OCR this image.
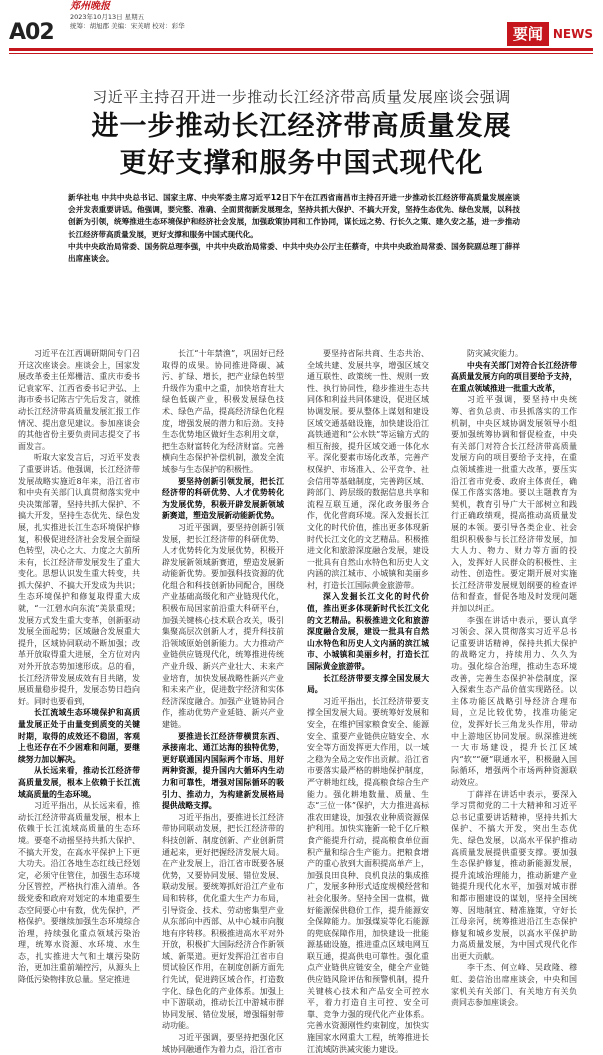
A02
郑州晚报
2023年10月13日 星期五
统筹：胡旭郡 美编：宋芙晴 校对：彩华	要闻 NEWS
习近平主持召开进一步推动长江经济带高质量发展座谈会强调
进一步推动长江经济带高质量发展
更好支撑和服务中国式现代化

新华社电 中共中央总书记、国家主席、中央军委主席习近平12日下午在江西省南昌市主持召开进一步推动长江经济带高质量发展座谈会并发表重要讲话。他强调，要完整、准确、全面贯彻新发展理念，坚持共抓大保护、不搞大开发，坚持生态优先、绿色发展，以科技创新为引领，统筹推进生态环境保护和经济社会发展，加强政策协同和工作协同，谋长远之势、行长久之策、建久安之基，进一步推动长江经济带高质量发展，更好支撑和服务中国式现代化。

中共中央政治局常委、国务院总理李强，中共中央政治局常委、中共中央办公厅主任蔡奇，中共中央政治局常委、国务院副总理丁薛祥出席座谈会。

习近平在江西调研期间专门召开这次座谈会。座谈会上，国家发展改革委主任郑栅洁、重庆市委书记袁家军、江西省委书记尹弘、上海市委书记陈吉宁先后发言，就推动长江经济带高质量发展汇报工作情况、提出意见建议。参加座谈会的其他省份主要负责同志提交了书面发言。

听取大家发言后，习近平发表了重要讲话。他强调，长江经济带发展战略实施近8年来，沿江省市和中央有关部门认真贯彻落实党中央决策部署，坚持共抓大保护、不搞大开发，坚持生态优先、绿色发展，扎实推进长江生态环境保护修复，积极促进经济社会发展全面绿色转型，决心之大、力度之大前所未有，长江经济带发展发生了重大变化。思想认识发生重大转变，共抓大保护、不搞大开发成为共识；生态环境保护和修复取得重大成就，“一江碧水向东流”美景重现；发展方式发生重大变革，创新驱动发展全面起势；区域融合发展重大提升，区域协同联动不断加强；改革开放取得重大进展，全方位对内对外开放态势加速形成。总的看，长江经济带发展成效有目共睹，发展质量稳步提升，发展态势日趋向好。同时也要看到，

长江流域生态环境保护和高质量发展正处于由量变到质变的关键时期，取得的成效还不稳固，客观上也还存在不少困难和问题，要继续努力加以解决。

从长远来看，推动长江经济带高质量发展，根本上依赖于长江流域高质量的生态环境。

习近平指出，从长远来看，推动长江经济带高质量发展，根本上依赖于长江流域高质量的生态环境。要毫不动摇坚持共抓大保护、不搞大开发，在高水平保护上下更大功夫。沿江各地生态红线已经划定，必须守住管住，加强生态环境分区管控，严格执行准入清单。各级党委和政府对划定的本地重要生态空间要心中有数，优先保护，严格保护。要继续加强生态环境综合治理，持续强化重点领域污染治理，统筹水资源、水环境、水生态，扎实推进大气和土壤污染防治，更加注重前端控污，从源头上降低污染物排放总量。坚定推进

长江“十年禁渔”，巩固好已经取得的成果。协同推进降碳、减污、扩绿、增长，把产业绿色转型升级作为重中之重，加快培育壮大绿色低碳产业，积极发展绿色技术、绿色产品，提高经济绿色化程度，增强发展的潜力和后劲。支持生态优势地区做好生态利用文章，把生态财富转化为经济财富。完善横向生态保护补偿机制，激发全流域参与生态保护的积极性。

要坚持创新引领发展，把长江经济带的科研优势、人才优势转化为发展优势，积极开辟发展新领域新赛道，塑造发展新动能新优势。

习近平强调，要坚持创新引领发展，把长江经济带的科研优势、人才优势转化为发展优势，积极开辟发展新领域新赛道，塑造发展新动能新优势。要加强科技资源的优化组合和科技创新协同配合，围绕产业基础高级化和产业链现代化，积极布局国家前沿重大科研平台，加强关键核心技术联合攻关，吸引集聚高层次创新人才，提升科技前沿领域原始创新能力。大力推动产业链供应链现代化，统筹推进传统产业升级、新兴产业壮大、未来产业培育，加快发展战略性新兴产业和未来产业，促进数字经济和实体经济深度融合。加强产业链协同合作，推动优势产业延链、新兴产业建链。

要推进长江经济带横贯东西、承接南北、通江达海的独特优势，更好联通国内国际两个市场、用好两种资源，提升国内大循环内生动力和可靠性，增强对国际循环的吸引力、推动力，为构建新发展格局提供战略支撑。

习近平指出，要推进长江经济带协同联动发展，把长江经济带的科技创新、制度创新、产业创新贯通起来，更好把握经济发展大局。在产业发展上，沿江省市既要各展优势，又要协同发展、错位发展、联动发展。要统筹抓好沿江产业布局和转移，优化重大生产力布局，引导资金、技术、劳动密集型产业从东部向中西部、从中心城市向腹地有序转移。积极推进高水平对外开放，积极扩大国际经济合作新领域、新渠道。更好发挥沿江省市自贸试验区作用，在制度创新方面先行先试，促进跨区域合作，打造数字化、绿色化的产业体系。加强上中下游联动，推动长江中游城市群协同发展、错位发展，增强辐射带动功能。

习近平强调，要坚持把强化区域协同融通作为着力点，沿江省市

要坚持省际共商、生态共治、全域共建、发展共享，增强区域交通互联性、政策统一性、规则一致性、执行协同性，稳步推进生态共同体和利益共同体建设，促进区域协调发展。要从整体上谋划和建设区域交通基础设施，加快建设沿江高铁通道和“公水铁”等运输方式的相互衔接，提升区域交通一体化水平。深化要素市场化改革，完善产权保护、市场准入、公平竞争、社会信用等基础制度，完善跨区域、跨部门、跨层级的数据信息共享和流程互联互通，深化政务服务合作，优化营商环境。深入发掘长江文化的时代价值，推出更多体现新时代长江文化的文艺精品。积极推进文化和旅游深度融合发展，建设一批具有自然山水特色和历史人文内涵的滨江城市、小城镇和美丽乡村，打造长江国际黄金旅游带。

深入发掘长江文化的时代价值，推出更多体现新时代长江文化的文艺精品。积极推进文化和旅游深度融合发展，建设一批具有自然山水特色和历史人文内涵的滨江城市、小城镇和美丽乡村，打造长江国际黄金旅游带。

长江经济带要支撑全国发展大局。

习近平指出，长江经济带要支撑全国发展大局。要统筹好发展和安全，在维护国家粮食安全、能源安全、重要产业链供应链安全、水安全等方面发挥更大作用，以一域之稳为全局之安作出贡献。沿江省市要落实最严格的耕地保护制度，严守耕地红线，提高粮食综合生产能力。强化耕地数量、质量、生态“三位一体”保护，大力推进高标准农田建设，加强农业种质资源保护利用。加快实施新一轮千亿斤粮食产能提升行动，提高粮食单位面积产量和综合生产能力。把粮食增产的重心放到大面积提高单产上，加强良田良种、良机良法的集成推广，发展多种形式适度规模经营和社会化服务。坚持全国一盘棋，做好能源保供稳价工作，提升能源安全保障能力。加强煤炭等化石能源的兜底保障作用，加快建设一批能源基础设施，推进重点区域电网互联互通，提高供电可靠性。强化重点产业链供应链安全，健全产业链供应链风险评估和预警机制，提升关键核心技术和产品安全可控水平，着力打造自主可控、安全可靠、竞争力强的现代化产业体系。完善水资源刚性约束制度，加快实施国家水网重大工程，统筹推进长江流域防洪减灾能力建设。

防灾减灾能力。

中央有关部门对符合长江经济带高质量发展方向的项目要给予支持，在重点领域推进一批重大改革，

习近平强调，要坚持中央统筹、省负总责、市县抓落实的工作机制，中央区域协调发展领导小组要加强统筹协调和督促检查，中央有关部门对符合长江经济带高质量发展方向的项目要给予支持，在重点领域推进一批重大改革，要压实沿江省市党委、政府主体责任，确保工作落实落地。要以主题教育为契机，教育引导广大干部树立和践行正确政绩观，提高推动高质量发展的本领。要引导各类企业、社会组织积极参与长江经济带发展，加大人力、物力、财力等方面的投入，发挥好人民群众的积极性、主动性、创造性。要定期开展对实施长江经济带发展规划纲要的检查评估和督查，督促各地及时发现问题并加以纠正。

李强在讲话中表示，要认真学习领会、深入贯彻落实习近平总书记重要讲话精神，保持共抓大保护的战略定力，持续用力、久久为功。强化综合治理，推动生态环境改善，完善生态保护补偿制度，深入探索生态产品价值实现路径。以主体功能区战略引导经济合理布局，立足比较优势，找准功能定位，发挥好长三角龙头作用，带动中上游地区协同发展。纵深推进统一大市场建设，提升长江区域内“软”“硬”联通水平，积极融入国际循环，增强两个市场两种资源联动效应。

丁薛祥在讲话中表示，要深入学习贯彻党的二十大精神和习近平总书记重要讲话精神，坚持共抓大保护、不搞大开发，突出生态优先、绿色发展，以高水平保护推动高质量发展提供重要支撑。要加强生态保护修复，推动新能源发展，提升流域治理能力，推动新建产业链提升现代化水平，加强对城市群和都市圈建设的谋划，坚持全国统筹、因地制宜、精准施策，守好长江母亲河，统筹推进沿江生态保护修复和城乡发展，以高水平保护助力高质量发展，为中国式现代化作出更大贡献。

李干杰、何立峰、吴政隆、穆虹、姜信治出席座谈会，中央和国家机关有关部门、有关地方有关负责同志参加座谈会。
